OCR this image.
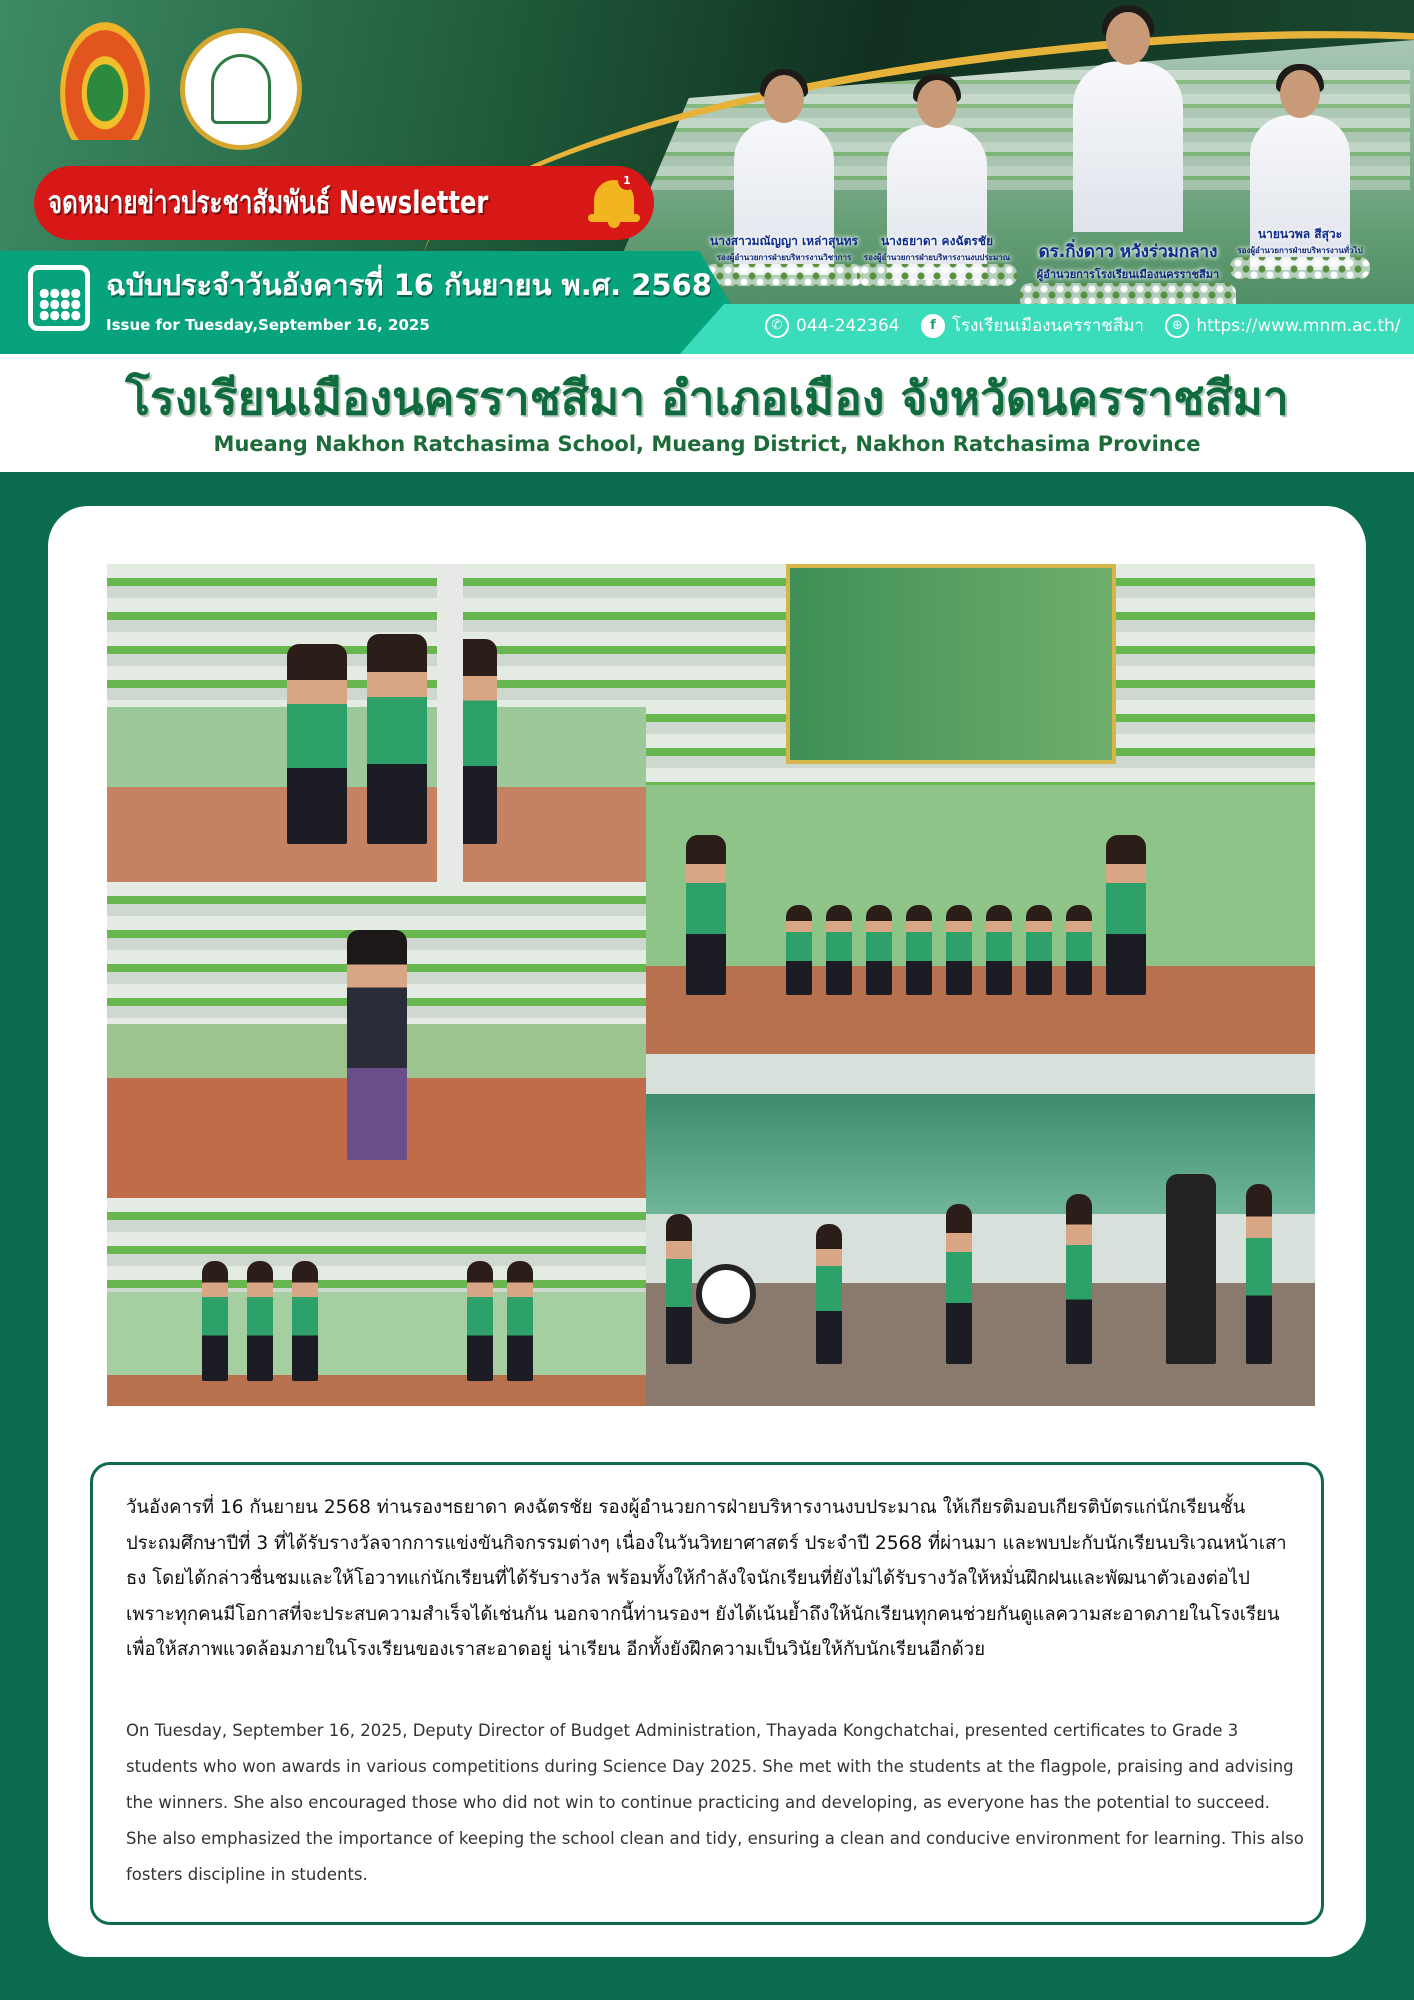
นางสาวมณัญญา เหล่าสุนทร
รองผู้อำนวยการฝ่ายบริหารงานวิชาการ
นางธยาดา คงฉัตรชัย
รองผู้อำนวยการฝ่ายบริหารงานงบประมาณ	ดร.กิ่งดาว หวังร่วมกลาง
ผู้อำนวยการโรงเรียนเมืองนครราชสีมา
นายนวพล สีสุวะ
รองผู้อำนวยการฝ่ายบริหารงานทั่วไป
จดหมายข่าวประชาสัมพันธ์ Newsletter
1
ฉบับประจำวันอังคารที่ 16 กันยายน พ.ศ. 2568
Issue for Tuesday,September 16, 2025	✆ 044-242364 f โรงเรียนเมืองนครราชสีมา ⊕ https://www.mnm.ac.th/
โรงเรียนเมืองนครราชสีมา อำเภอเมือง จังหวัดนครราชสีมา
Mueang Nakhon Ratchasima School, Mueang District, Nakhon Ratchasima Province
วันอังคารที่ 16 กันยายน 2568 ท่านรองฯธยาดา คงฉัตรชัย รองผู้อำนวยการฝ่ายบริหารงานงบประมาณ ให้เกียรติมอบเกียรติบัตรแก่นักเรียนชั้นประถมศึกษาปีที่ 3 ที่ได้รับรางวัลจากการแข่งขันกิจกรรมต่างๆ เนื่องในวันวิทยาศาสตร์ ประจำปี 2568 ที่ผ่านมา และพบปะกับนักเรียนบริเวณหน้าเสาธง โดยได้กล่าวชื่นชมและให้โอวาทแก่นักเรียนที่ได้รับรางวัล พร้อมทั้งให้กำลังใจนักเรียนที่ยังไม่ได้รับรางวัลให้หมั่นฝึกฝนและพัฒนาตัวเองต่อไป เพราะทุกคนมีโอกาสที่จะประสบความสำเร็จได้เช่นกัน นอกจากนี้ท่านรองฯ ยังได้เน้นย้ำถึงให้นักเรียนทุกคนช่วยกันดูแลความสะอาดภายในโรงเรียน เพื่อให้สภาพแวดล้อมภายในโรงเรียนของเราสะอาดอยู่ น่าเรียน อีกทั้งยังฝึกความเป็นวินัยให้กับนักเรียนอีกด้วย
On Tuesday, September 16, 2025, Deputy Director of Budget Administration, Thayada Kongchatchai, presented certificates to Grade 3 students who won awards in various competitions during Science Day 2025. She met with the students at the flagpole, praising and advising the winners. She also encouraged those who did not win to continue practicing and developing, as everyone has the potential to succeed. She also emphasized the importance of keeping the school clean and tidy, ensuring a clean and conducive environment for learning. This also fosters discipline in students.
